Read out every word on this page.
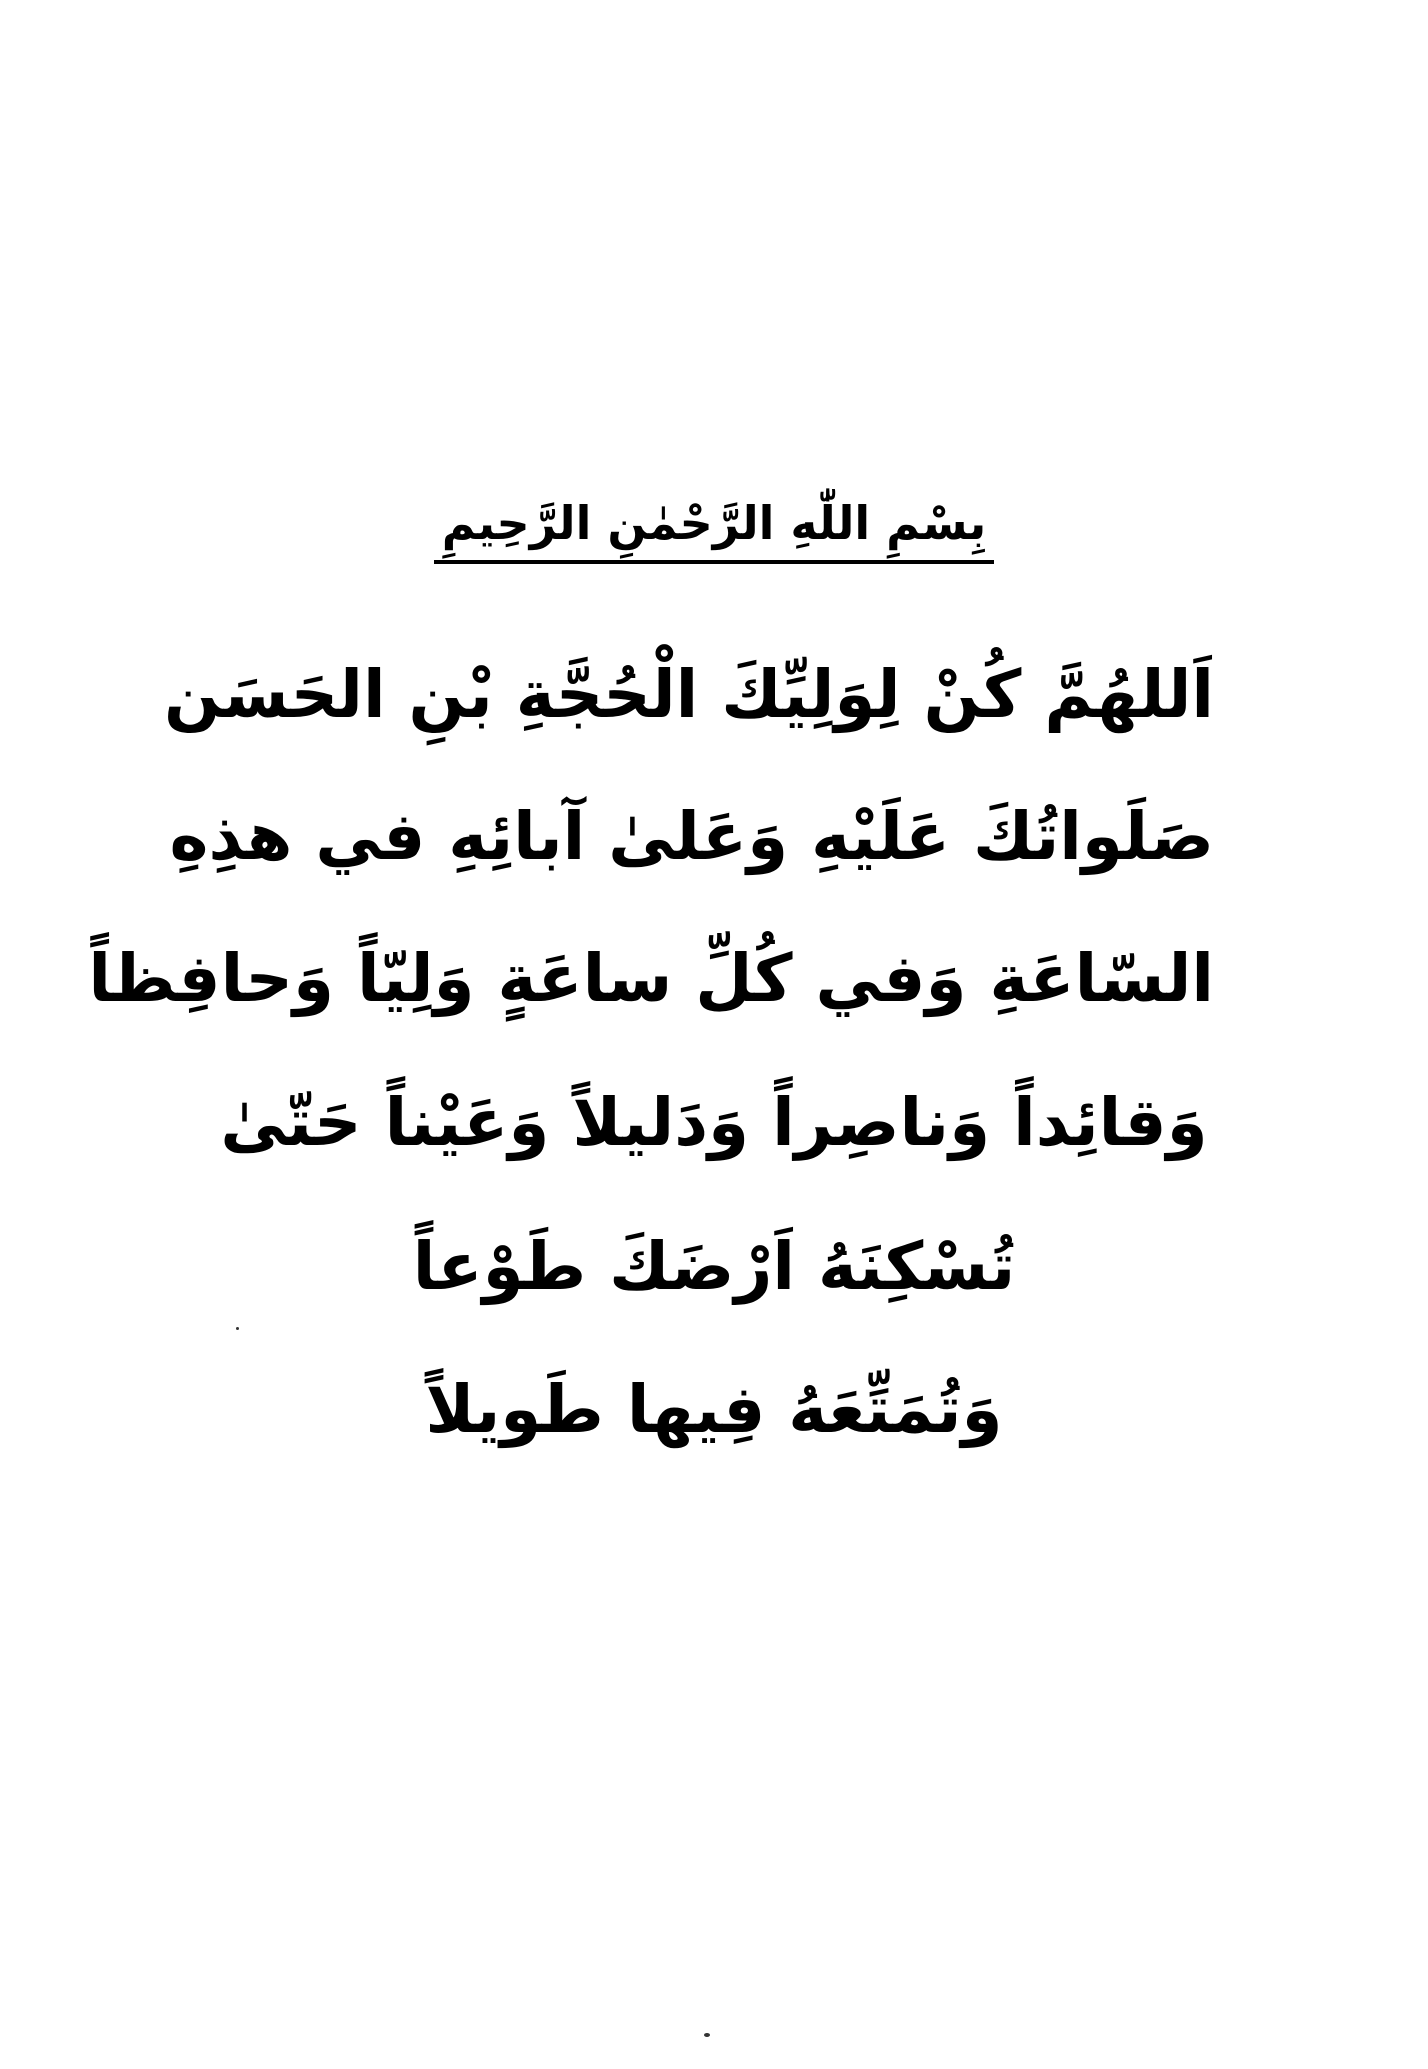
بِسْمِ اللّٰهِ الرَّحْمٰنِ الرَّحِيمِ
اَللهُمَّ كُنْ لِوَلِيِّكَ الْحُجَّةِ بْنِ الحَسَن
صَلَواتُكَ عَلَيْهِ وَعَلىٰ آبائِهِ في هذِهِ
السّاعَةِ وَفي كُلِّ ساعَةٍ وَلِيّاً وَحافِظاً
وَقائِداً وَناصِراً وَدَليلاً وَعَيْناً حَتّىٰ
تُسْكِنَهُ اَرْضَكَ طَوْعاً
وَتُمَتِّعَهُ فِيها طَويلاً
